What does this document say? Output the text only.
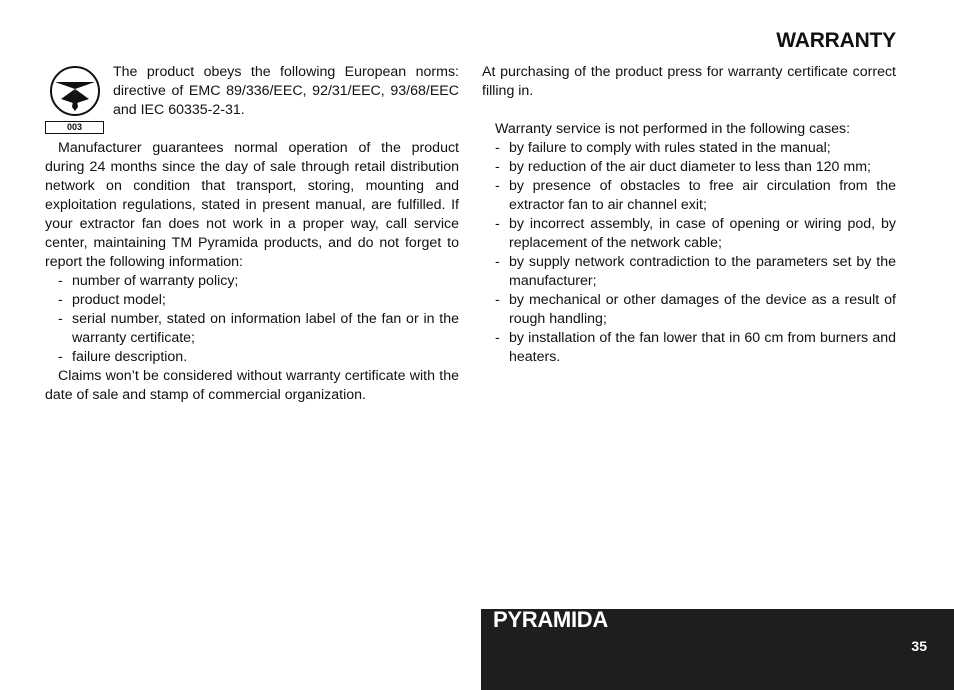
WARRANTY
003

The product obeys the following European norms: directive of EMC 89/336/EEC, 92/31/EEC, 93/68/EEC and IEC 60335-2-31.

Manufacturer guarantees normal operation of the product during 24 months since the day of sale through retail distribution network on condition that transport, storing, mounting and exploitation regulations, stated in present manual, are fulfilled. If your extractor fan does not work in a proper way, call service center, maintaining TM Pyramida products, and do not forget to report the following information:

- number of warranty policy;
- product model;
- serial number, stated on information label of the fan or in the warranty certificate;
- failure description.

Claims won’t be considered without warranty certificate with the date of sale and stamp of commercial organization.

At purchasing of the product press for warranty certificate correct filling in.

Warranty service is not performed in the following cases:

- by failure to comply with rules stated in the manual;
- by reduction of the air duct diameter to less than 120 mm;
- by presence of obstacles to free air circulation from the extractor fan to air channel exit;
- by incorrect assembly, in case of opening or wiring pod, by replacement of the network cable;
- by supply network contradiction to the parameters set by the manufacturer;
- by mechanical or other damages of the device as a result of rough handling;
- by installation of the fan lower that in 60 cm from burners and heaters.
PYRAMIDA
35
